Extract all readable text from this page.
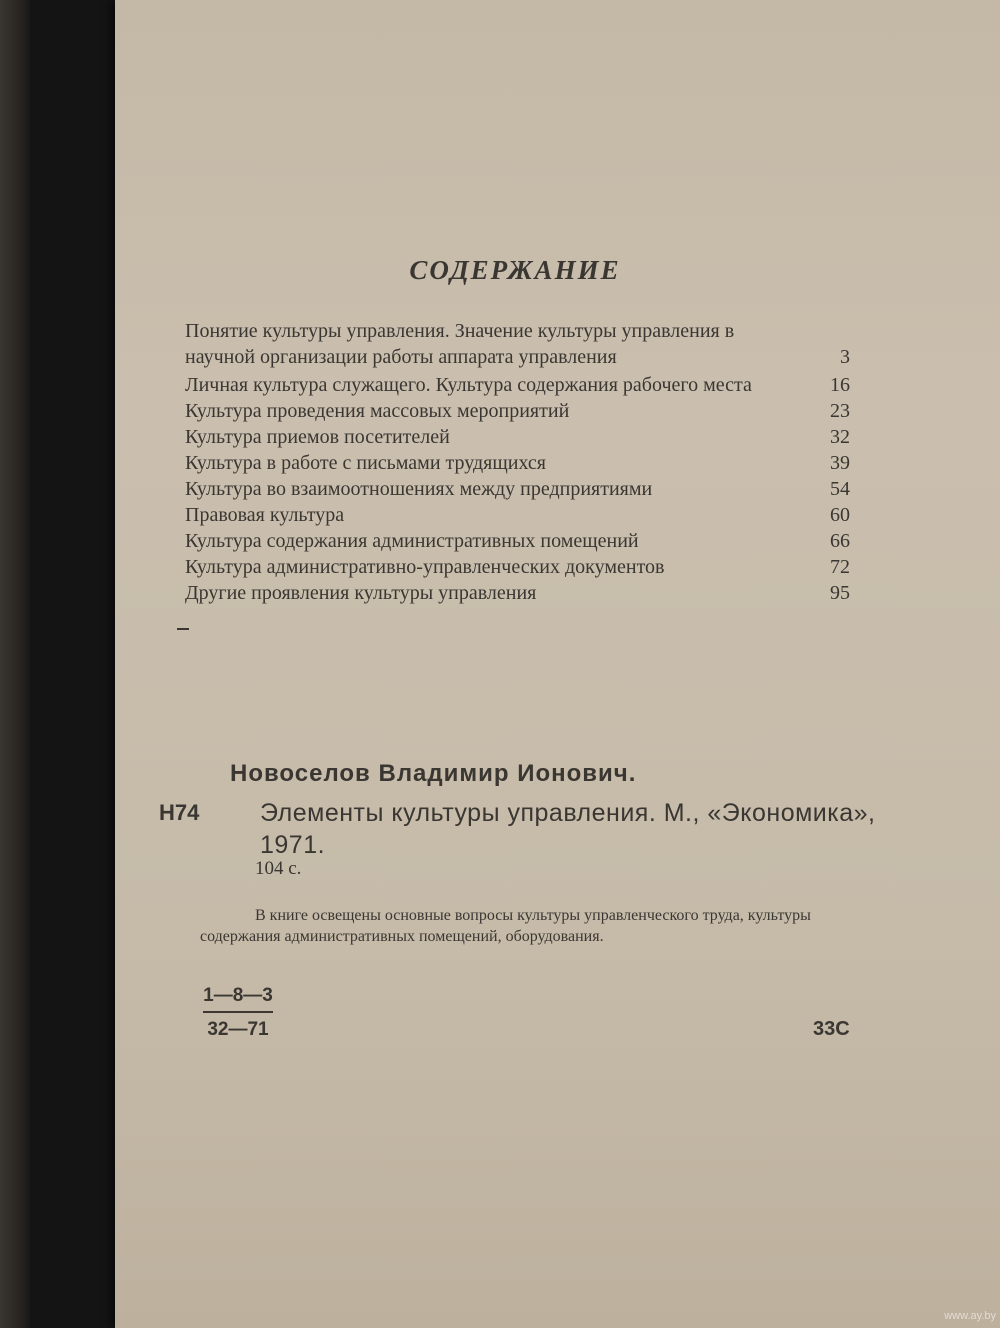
СОДЕРЖАНИЕ
Понятие культуры управления. Значение культуры управления в научной организации работы аппарата управления	3
Личная культура служащего. Культура содержания рабочего места	16
Культура проведения массовых мероприятий	23
Культура приемов посетителей	32
Культура в работе с письмами трудящихся	39
Культура во взаимоотношениях между предприятиями	54
Правовая культура	60
Культура содержания административных помещений	66
Культура административно-управленческих документов	72
Другие проявления культуры управления	95
Новоселов Владимир Ионович.
Н74 Элементы культуры управления. М., «Экономика», 1971.
104 с.
В книге освещены основные вопросы культуры управленческого труда, культуры содержания административных помещений, оборудования.
$\frac{1—8—3}{32—71}$	33С
www.ay.by
